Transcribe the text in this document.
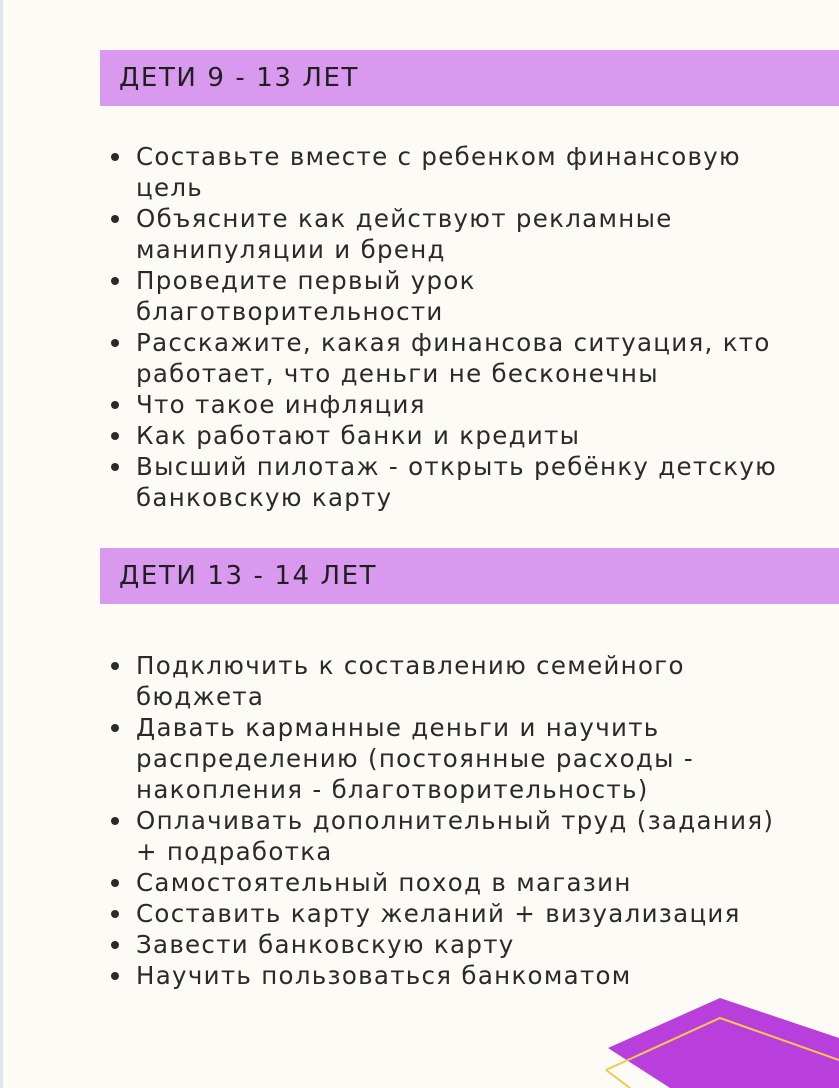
ДЕТИ 9 - 13 ЛЕТ
Составьте вместе с ребенком финансовую цель
Объясните как действуют рекламные манипуляции и бренд
Проведите первый урок благотворительности
Расскажите, какая финансова ситуация, кто работает, что деньги не бесконечны
Что такое инфляция
Как работают банки и кредиты
Высший пилотаж - открыть ребёнку детскую банковскую карту
ДЕТИ 13 - 14 ЛЕТ
Подключить к составлению семейного бюджета
Давать карманные деньги и научить распределению (постоянные расходы - накопления - благотворительность)
Оплачивать дополнительный труд (задания) + подработка
Самостоятельный поход в магазин
Составить карту желаний + визуализация
Завести банковскую карту
Научить пользоваться банкоматом
